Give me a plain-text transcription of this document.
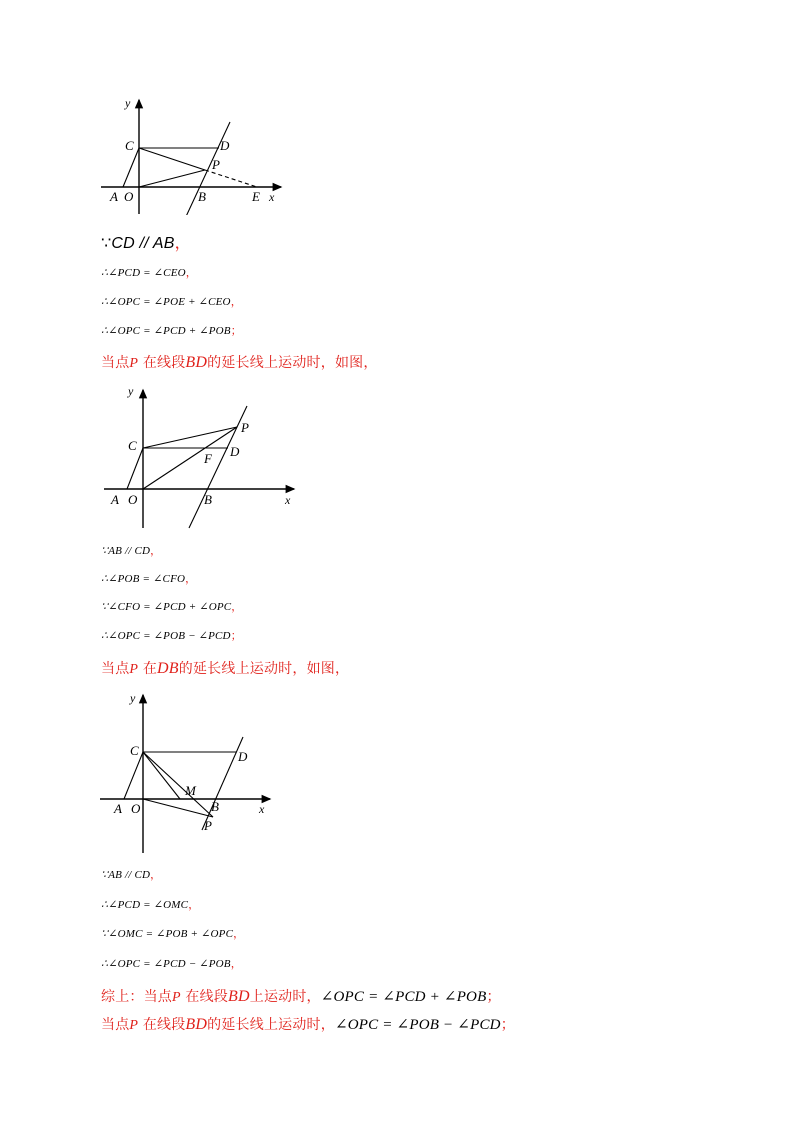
y
C	D
P
A O	B	E x
∵CD // AB，
∴∠PCD = ∠CEO，
∴∠OPC = ∠POE + ∠CEO，
∴∠OPC = ∠PCD + ∠POB；
当点P 在线段BD的延长线上运动时，如图，
y
C
P
F D
A O	B	x
∵AB // CD，
∴∠POB = ∠CFO，
∵∠CFO = ∠PCD + ∠OPC，
∴∠OPC = ∠POB − ∠PCD；
当点P 在DB的延长线上运动时，如图，
y
C	D
M
A O	B
P
x
∵AB // CD，
∴∠PCD = ∠OMC，
∵∠OMC = ∠POB + ∠OPC，
∴∠OPC = ∠PCD − ∠POB，
综上：当点P 在线段BD上运动时，∠OPC = ∠PCD + ∠POB；
当点P 在线段BD的延长线上运动时，∠OPC = ∠POB − ∠PCD；
